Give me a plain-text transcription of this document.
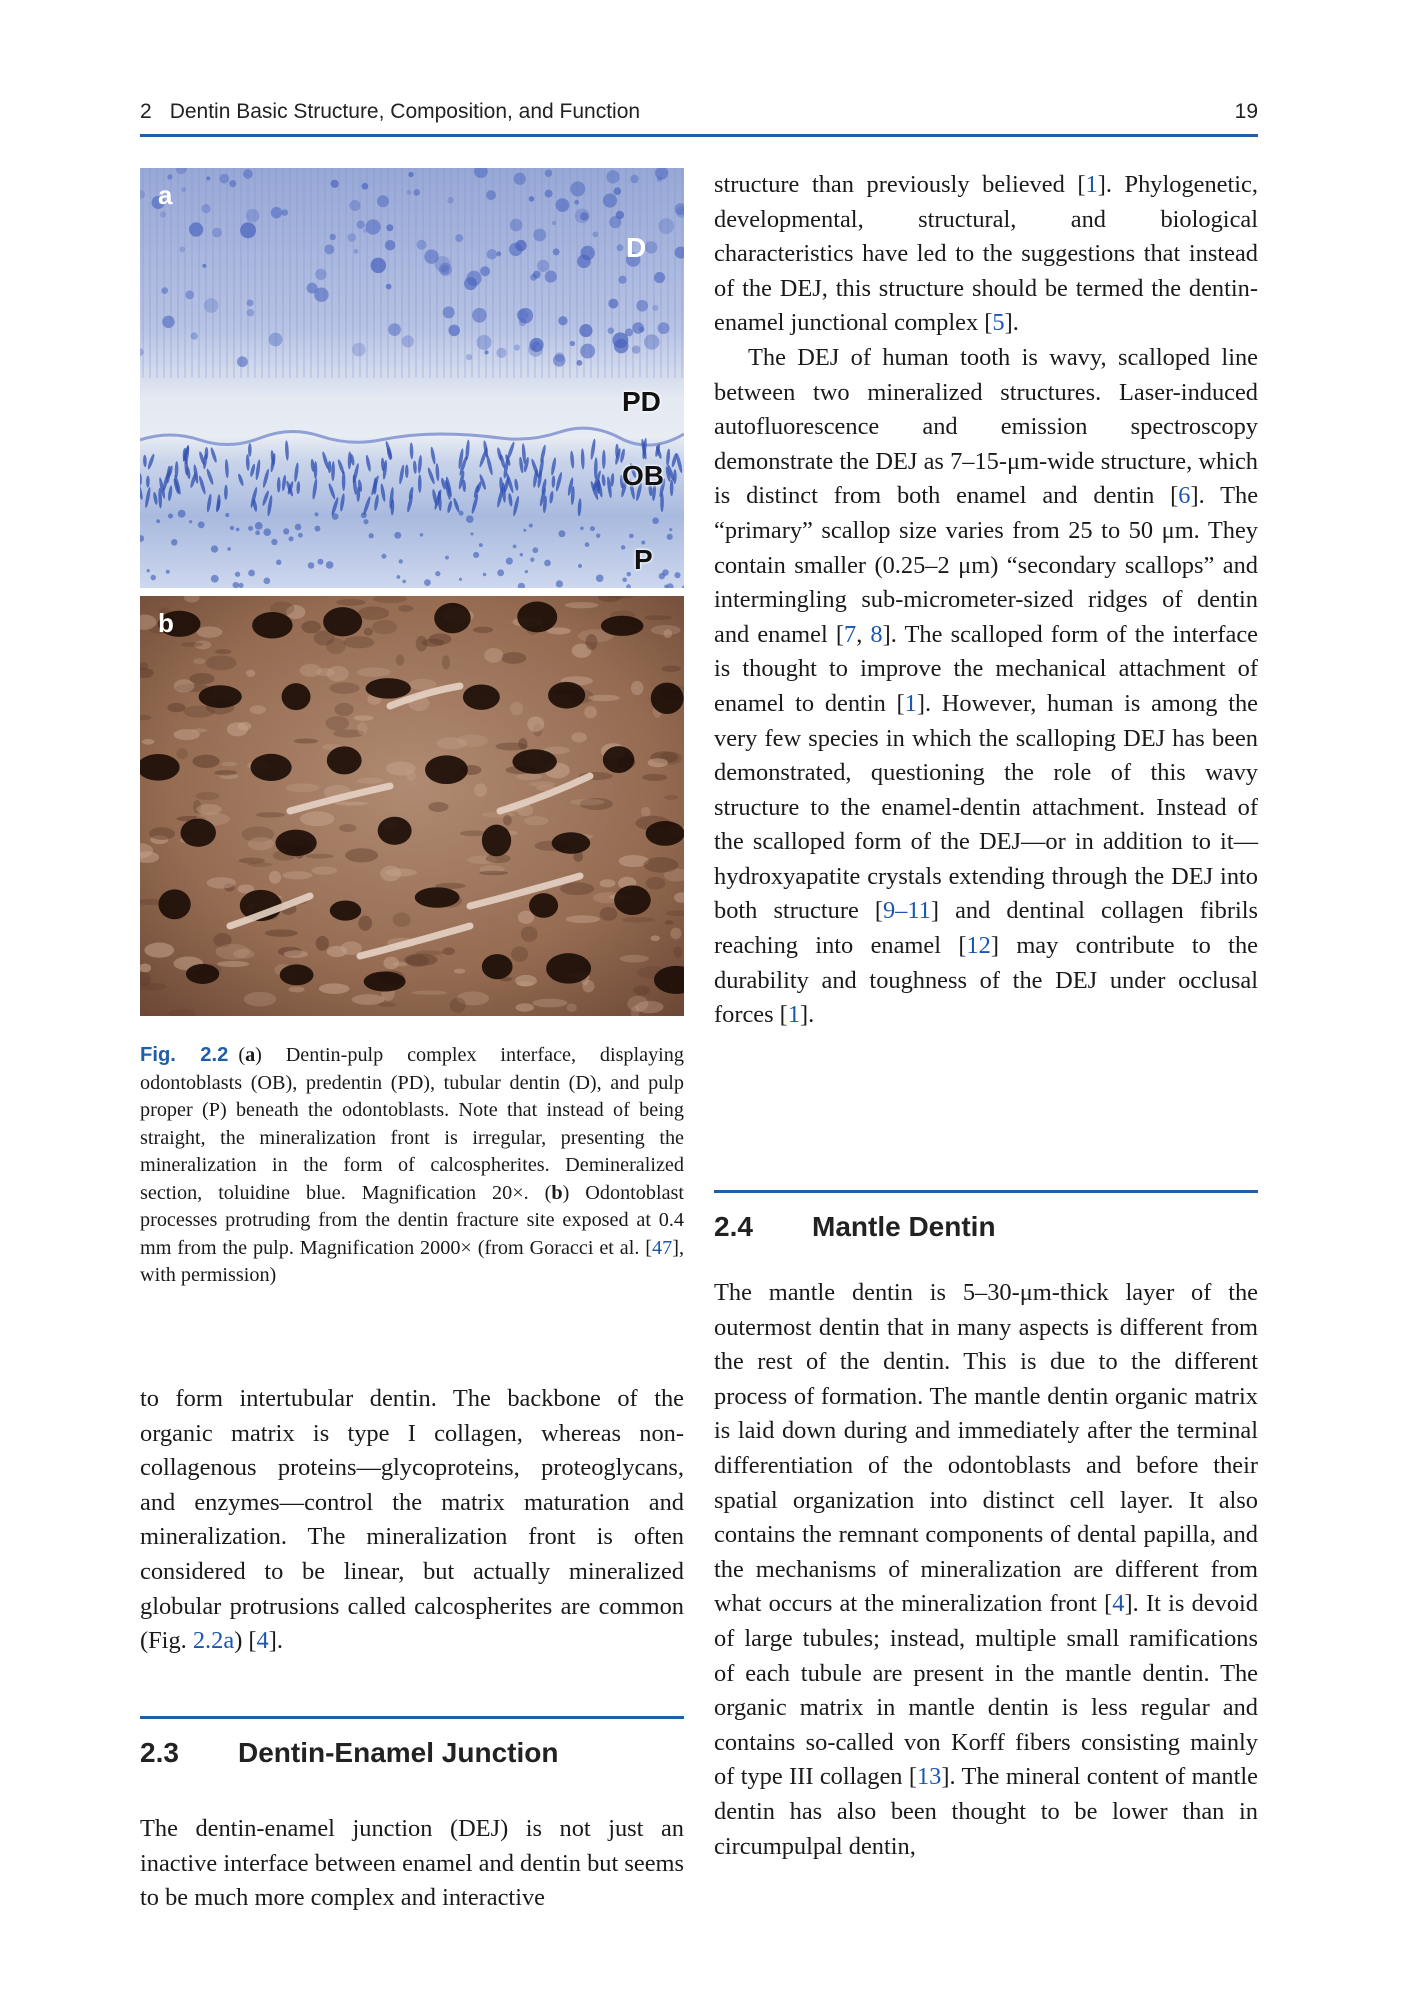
2 Dentin Basic Structure, Composition, and Function	19
a
D
PD
OB
P
b
Fig. 2.2 (a) Dentin-pulp complex interface, displaying odontoblasts (OB), predentin (PD), tubular dentin (D), and pulp proper (P) beneath the odontoblasts. Note that instead of being straight, the mineralization front is irregular, presenting the mineralization in the form of calcospherites. Demineralized section, toluidine blue. Magnification 20×. (b) Odontoblast processes protruding from the dentin fracture site exposed at 0.4 mm from the pulp. Magnification 2000× (from Goracci et al. [47], with permission)

to form intertubular dentin. The backbone of the organic matrix is type I collagen, whereas non-collagenous proteins—glycoproteins, proteoglycans, and enzymes—control the matrix maturation and mineralization. The mineralization front is often considered to be linear, but actually mineralized globular protrusions called calcospherites are common (Fig. 2.2a) [4].

2.3 Dentin-Enamel Junction

The dentin-enamel junction (DEJ) is not just an inactive interface between enamel and dentin but seems to be much more complex and interactive

structure than previously believed [1]. Phylogenetic, developmental, structural, and biological characteristics have led to the suggestions that instead of the DEJ, this structure should be termed the dentin-enamel junctional complex [5].

The DEJ of human tooth is wavy, scalloped line between two mineralized structures. Laser-induced autofluorescence and emission spectroscopy demonstrate the DEJ as 7–15-μm-wide structure, which is distinct from both enamel and dentin [6]. The “primary” scallop size varies from 25 to 50 μm. They contain smaller (0.25–2 μm) “secondary scallops” and intermingling sub-micrometer-sized ridges of dentin and enamel [7, 8]. The scalloped form of the interface is thought to improve the mechanical attachment of enamel to dentin [1]. However, human is among the very few species in which the scalloping DEJ has been demonstrated, questioning the role of this wavy structure to the enamel-dentin attachment. Instead of the scalloped form of the DEJ—or in addition to it—hydroxyapatite crystals extending through the DEJ into both structure [9–11] and dentinal collagen fibrils reaching into enamel [12] may contribute to the durability and toughness of the DEJ under occlusal forces [1].

2.4 Mantle Dentin

The mantle dentin is 5–30-μm-thick layer of the outermost dentin that in many aspects is different from the rest of the dentin. This is due to the different process of formation. The mantle dentin organic matrix is laid down during and immediately after the terminal differentiation of the odontoblasts and before their spatial organization into distinct cell layer. It also contains the remnant components of dental papilla, and the mechanisms of mineralization are different from what occurs at the mineralization front [4]. It is devoid of large tubules; instead, multiple small ramifications of each tubule are present in the mantle dentin. The organic matrix in mantle dentin is less regular and contains so-called von Korff fibers consisting mainly of type III collagen [13]. The mineral content of mantle dentin has also been thought to be lower than in circumpulpal dentin,
